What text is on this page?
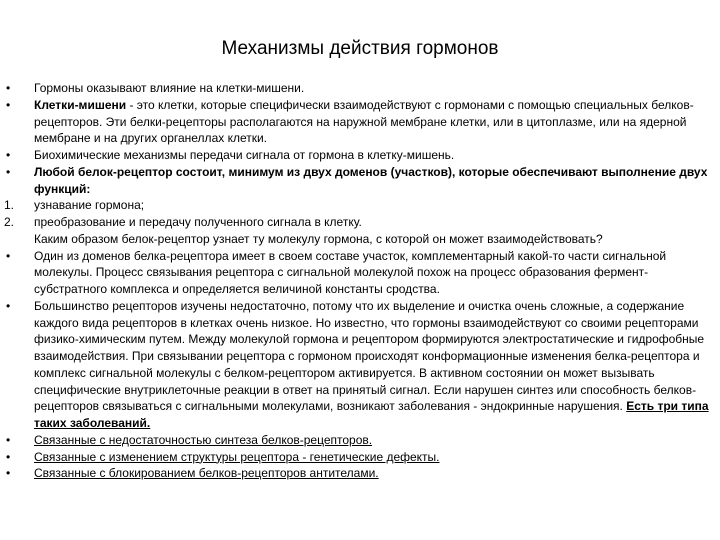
Механизмы действия гормонов
•	Гормоны оказывают влияние на клетки-мишени.
•	Клетки-мишени - это клетки, которые специфически взаимодействуют с гормонами с помощью специальных белков-рецепторов. Эти белки-рецепторы располагаются на наружной мембране клетки, или в цитоплазме, или на ядерной мембране и на других органеллах клетки.
•	Биохимические механизмы передачи сигнала от гормона в клетку-мишень.
•	Любой белок-рецептор состоит, минимум из двух доменов (участков), которые обеспечивают выполнение двух функций:
1.	узнавание гормона;
2.	преобразование и передачу полученного сигнала в клетку.
Каким образом белок-рецептор узнает ту молекулу гормона, с которой он может взаимодействовать?
•	Один из доменов белка-рецептора имеет в своем составе участок, комплементарный какой-то части сигнальной молекулы. Процесс связывания рецептора с сигнальной молекулой похож на процесс образования фермент-субстратного комплекса и определяется величиной константы сродства.
•	Большинство рецепторов изучены недостаточно, потому что их выделение и очистка очень сложные, а содержание каждого вида рецепторов в клетках очень низкое. Но известно, что гормоны взаимодействуют со своими рецепторами физико-химическим путем. Между молекулой гормона и рецептором формируются электростатические и гидрофобные взаимодействия. При связывании рецептора с гормоном происходят конформационные изменения белка-рецептора и комплекс сигнальной молекулы с белком-рецептором активируется. В активном состоянии он может вызывать специфические внутриклеточные реакции в ответ на принятый сигнал. Если нарушен синтез или способность белков-рецепторов связываться с сигнальными молекулами, возникают заболевания - эндокринные нарушения. Есть три типа таких заболеваний.
•	Связанные с недостаточностью синтеза белков-рецепторов.
•	Связанные с изменением структуры рецептора - генетические дефекты.
•	Связанные с блокированием белков-рецепторов антителами.
